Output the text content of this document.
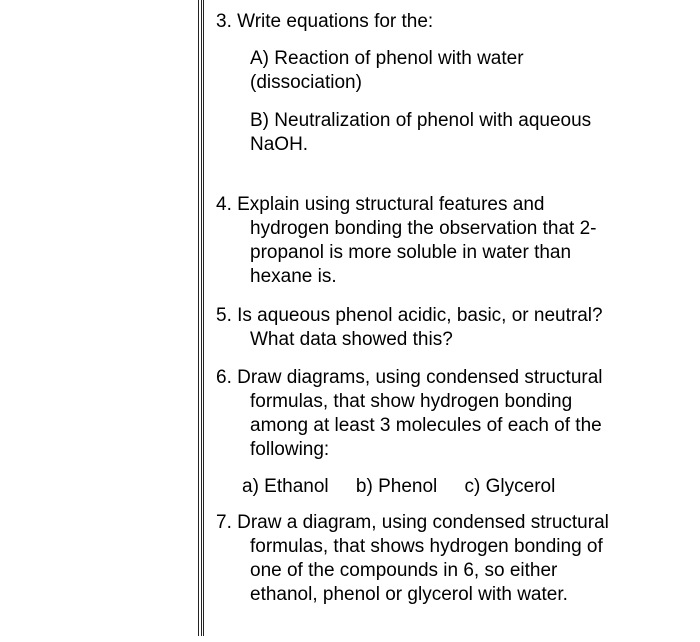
3. Write equations for the:
A) Reaction of phenol with water
(dissociation)
B) Neutralization of phenol with aqueous
NaOH.
4. Explain using structural features and
hydrogen bonding the observation that 2-
propanol is more soluble in water than
hexane is.
5. Is aqueous phenol acidic, basic, or neutral?
What data showed this?
6. Draw diagrams, using condensed structural
formulas, that show hydrogen bonding
among at least 3 molecules of each of the
following:
a) Ethanol b) Phenol c) Glycerol
7. Draw a diagram, using condensed structural
formulas, that shows hydrogen bonding of
one of the compounds in 6, so either
ethanol, phenol or glycerol with water.
